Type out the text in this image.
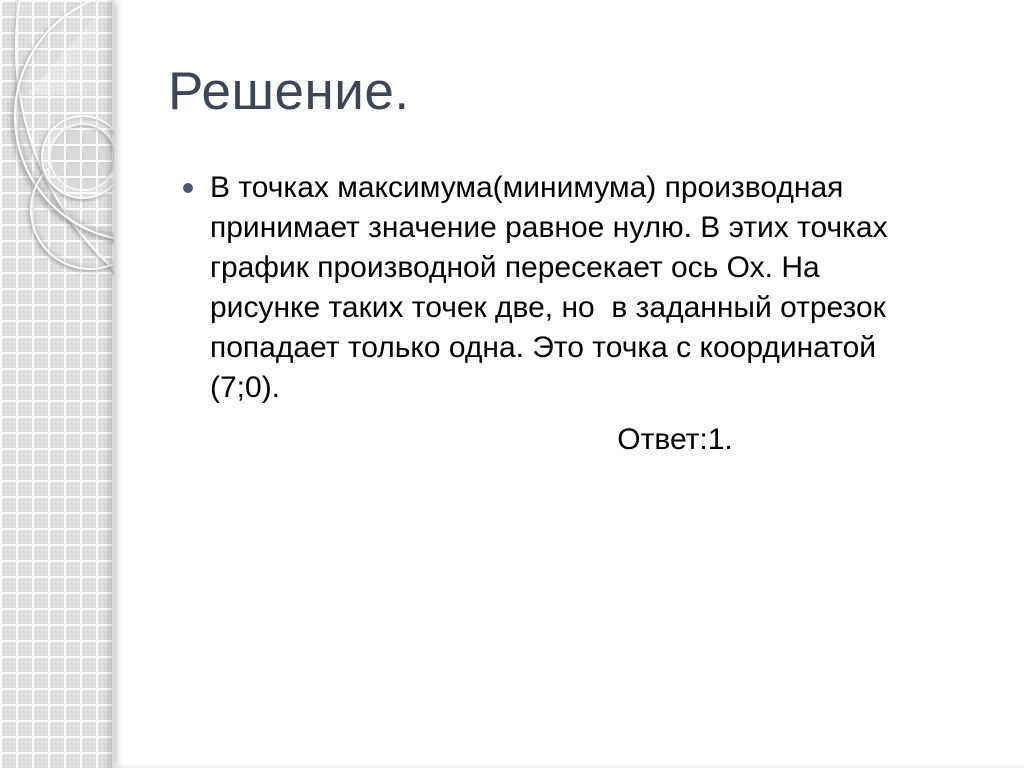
Решение.
В точках максимума(минимума) производная
принимает значение равное нулю. В этих точках
график производной пересекает ось Ох. На
рисунке таких точек две, но  в заданный отрезок
попадает только одна. Это точка с координатой
(7;0).
Ответ:1.
